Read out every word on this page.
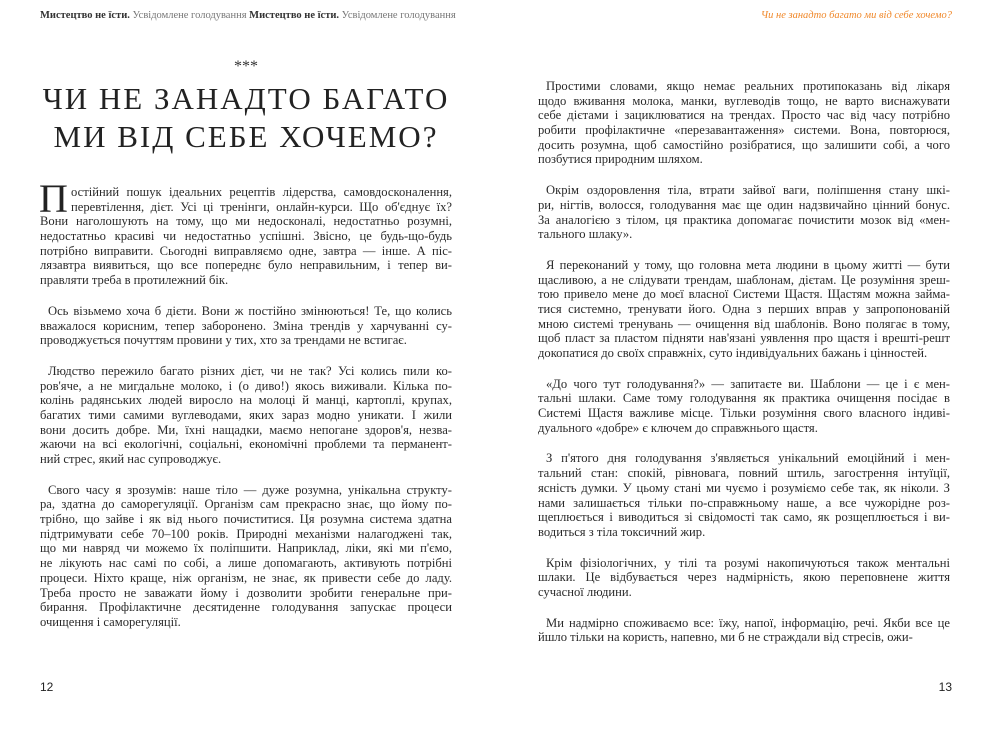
Мистецтво не їсти. Усвідомлене голодування Мистецтво не їсти. Усвідомлене голодування
***
ЧИ НЕ ЗАНАДТО БАГАТО
МИ ВІД СЕБЕ ХОЧЕМО?
П остійний пошук ідеальних рецептів лідерства, самовдосконалення,
перевтілення, дієт. Усі ці тренінги, онлайн-курси. Що об'єднує їх?
Вони наголошують на тому, що ми недосконалі, недостатньо розумні,
недостатньо красиві чи недостатньо успішні. Звісно, це будь-що-будь
потрібно виправити. Сьогодні виправляємо одне, завтра — інше. А піс-
лязавтра виявиться, що все попереднє було неправильним, і тепер ви-
правляти треба в протилежний бік.
Ось візьмемо хоча б дієти. Вони ж постійно змінюються! Те, що колись
вважалося корисним, тепер заборонено. Зміна трендів у харчуванні су-
проводжується почуттям провини у тих, хто за трендами не встигає.
Людство пережило багато різних дієт, чи не так? Усі колись пили ко-
ров'яче, а не мигдальне молоко, і (о диво!) якось виживали. Кілька по-
колінь радянських людей виросло на молоці й манці, картоплі, крупах,
багатих тими самими вуглеводами, яких зараз модно уникати. І жили
вони досить добре. Ми, їхні нащадки, маємо непогане здоров'я, незва-
жаючи на всі екологічні, соціальні, економічні проблеми та перманент-
ний стрес, який нас супроводжує.
Свого часу я зрозумів: наше тіло — дуже розумна, унікальна структу-
ра, здатна до саморегуляції. Організм сам прекрасно знає, що йому по-
трібно, що зайве і як від нього почиститися. Ця розумна система здатна
підтримувати себе 70–100 років. Природні механізми налагоджені так,
що ми навряд чи можемо їх поліпшити. Наприклад, ліки, які ми п'ємо,
не лікують нас самі по собі, а лише допомагають, активують потрібні
процеси. Ніхто краще, ніж організм, не знає, як привести себе до ладу.
Треба просто не заважати йому і дозволити зробити генеральне при-
бирання. Профілактичне десятиденне голодування запускає процеси
очищення і саморегуляції.
12
Чи не занадто багато ми від себе хочемо?
Простими словами, якщо немає реальних протипоказань від лікаря
щодо вживання молока, манки, вуглеводів тощо, не варто виснажувати
себе дієтами і зациклюватися на трендах. Просто час від часу потрібно
робити профілактичне «перезавантаження» системи. Вона, повторюся,
досить розумна, щоб самостійно розібратися, що залишити собі, а чого
позбутися природним шляхом.
Окрім оздоровлення тіла, втрати зайвої ваги, поліпшення стану шкі-
ри, нігтів, волосся, голодування має ще один надзвичайно цінний бонус.
За аналогією з тілом, ця практика допомагає почистити мозок від «мен-
тального шлаку».
Я переконаний у тому, що головна мета людини в цьому житті — бути
щасливою, а не слідувати трендам, шаблонам, дієтам. Це розуміння зреш-
тою привело мене до моєї власної Системи Щастя. Щастям можна займа-
тися системно, тренувати його. Одна з перших вправ у запропонованій
мною системі тренувань — очищення від шаблонів. Воно полягає в тому,
щоб пласт за пластом підняти нав'язані уявлення про щастя і врешті-решт
докопатися до своїх справжніх, суто індивідуальних бажань і цінностей.
«До чого тут голодування?» — запитаєте ви. Шаблони — це і є мен-
тальні шлаки. Саме тому голодування як практика очищення посідає в
Системі Щастя важливе місце. Тільки розуміння свого власного індиві-
дуального «добре» є ключем до справжнього щастя.
З п'ятого дня голодування з'являється унікальний емоційний і мен-
тальний стан: спокій, рівновага, повний штиль, загострення інтуїції,
ясність думки. У цьому стані ми чуємо і розуміємо себе так, як ніколи. З
нами залишається тільки по-справжньому наше, а все чужорідне роз-
щеплюється і виводиться зі свідомості так само, як розщеплюється і ви-
водиться з тіла токсичний жир.
Крім фізіологічних, у тілі та розумі накопичуються також ментальні
шлаки. Це відбувається через надмірність, якою переповнене життя
сучасної людини.
Ми надмірно споживаємо все: їжу, напої, інформацію, речі. Якби все це
йшло тільки на користь, напевно, ми б не страждали від стресів, ожи-
13
